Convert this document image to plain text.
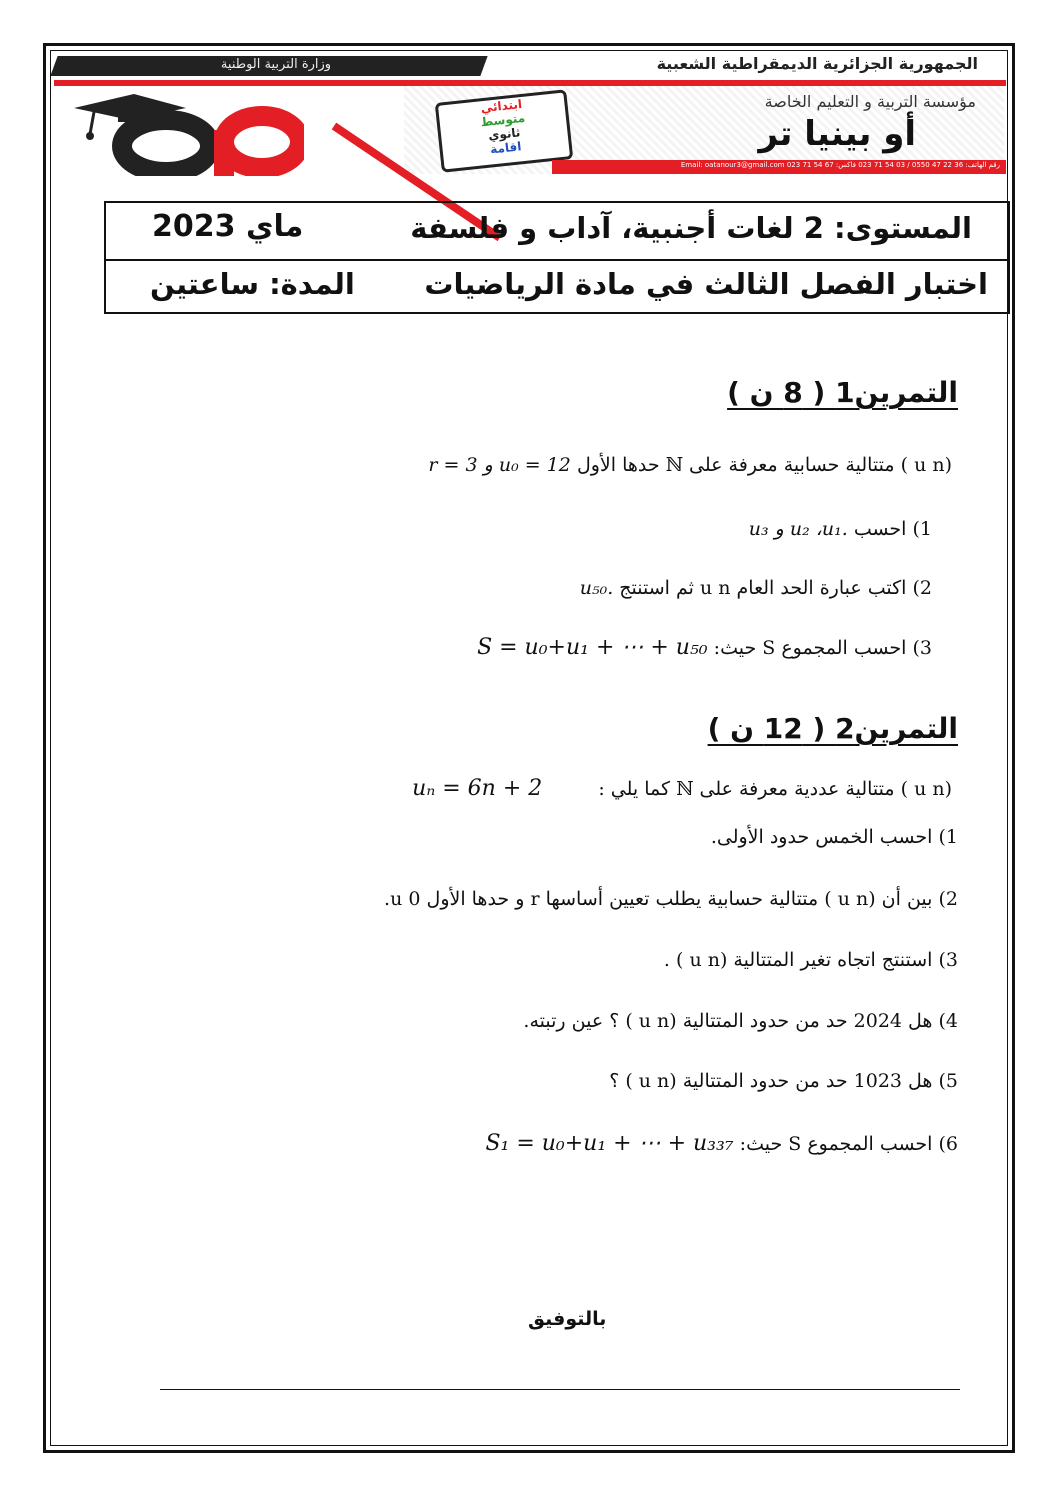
وزارة التربية الوطنية	الجمهورية الجزائرية الديمقراطية الشعبية
مؤسسة التربية و التعليم الخاصة
أو بينيا تر
ابتدائي
متوسط
ثانوي
اقامة
رقم الهاتف: 36 22 47 0550 / 03 54 71 023 فاكس: 67 54 71 023 Email: oatanour3@gmail.com
المستوى: 2 لغات أجنبية، آداب و فلسفة
ماي 2023
اختبار الفصل الثالث في مادة الرياضيات
المدة: ساعتين
التمرين1 ( 8 ن )
(u n ) متتالية حسابية معرفة على ℕ حدها الأول r = 3 و u₀ = 12
1) احسب u₃ و u₂ ،u₁.
2) اكتب عبارة الحد العام u n ثم استنتج u₅₀.
3) احسب المجموع S حيث: S = u₀+u₁ + ⋯ + u₅₀
التمرين2 ( 12 ن )
(u n ) متتالية عددية معرفة على ℕ كما يلي : uₙ = 6n + 2
1) احسب الخمس حدود الأولى.
2) بين أن (u n ) متتالية حسابية يطلب تعيين أساسها r و حدها الأول u 0.
3) استنتج اتجاه تغير المتتالية (u n ) .
4) هل 2024 حد من حدود المتتالية (u n ) ؟ عين رتبته.
5) هل 1023 حد من حدود المتتالية (u n ) ؟
6) احسب المجموع S حيث: S₁ = u₀+u₁ + ⋯ + u₃₃₇
بالتوفيق
